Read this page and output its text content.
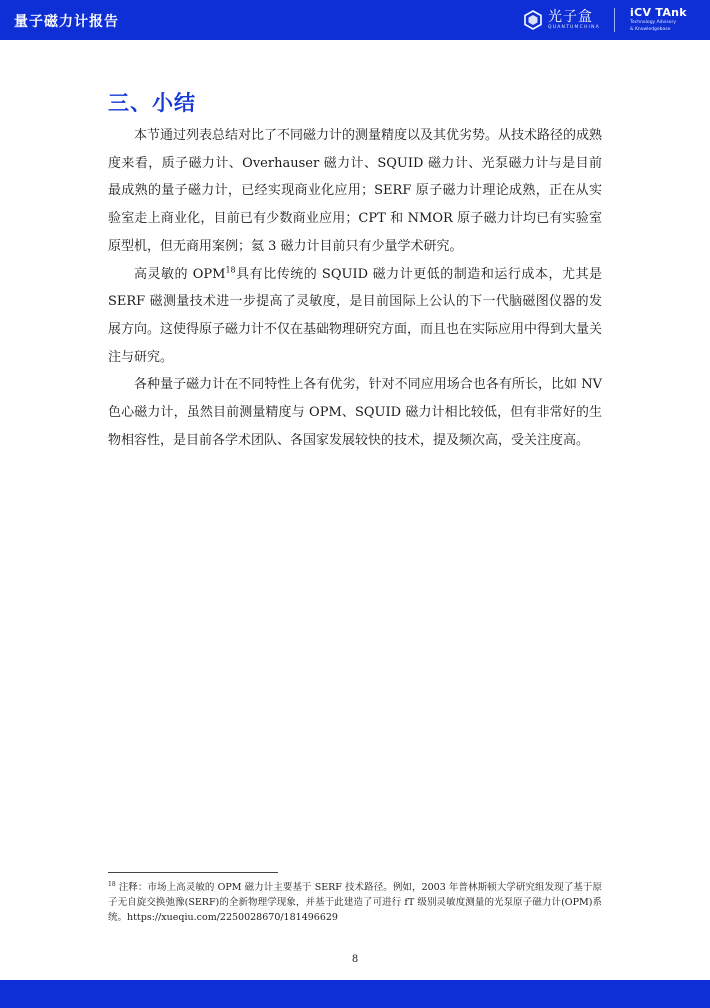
量子磁力计报告	光子盒
QUANTUMCHINA
iCV TAnk
Technology Advisory
& Knowledgebase
三、小结

本节通过列表总结对比了不同磁力计的测量精度以及其优劣势。从技术路径的成熟度来看，质子磁力计、Overhauser 磁力计、SQUID 磁力计、光泵磁力计与是目前最成熟的量子磁力计，已经实现商业化应用；SERF 原子磁力计理论成熟，正在从实验室走上商业化，目前已有少数商业应用；CPT 和 NMOR 原子磁力计均已有实验室原型机，但无商用案例；氦 3 磁力计目前只有少量学术研究。

高灵敏的 OPM$^{18}$具有比传统的 SQUID 磁力计更低的制造和运行成本，尤其是 SERF 磁测量技术进一步提高了灵敏度，是目前国际上公认的下一代脑磁图仪器的发展方向。这使得原子磁力计不仅在基础物理研究方面，而且也在实际应用中得到大量关注与研究。

各种量子磁力计在不同特性上各有优劣，针对不同应用场合也各有所长，比如 NV 色心磁力计，虽然目前测量精度与 OPM、SQUID 磁力计相比较低，但有非常好的生物相容性，是目前各学术团队、各国家发展较快的技术，提及频次高，受关注度高。

$^{18}$ 注释：市场上高灵敏的 OPM 磁力计主要基于 SERF 技术路径。例如，2003 年普林斯顿大学研究组发现了基于原子无自旋交换弛豫(SERF)的全新物理学现象，并基于此建造了可进行 fT 级别灵敏度测量的光泵原子磁力计(OPM)系统。https://xueqiu.com/2250028670/181496629

8
